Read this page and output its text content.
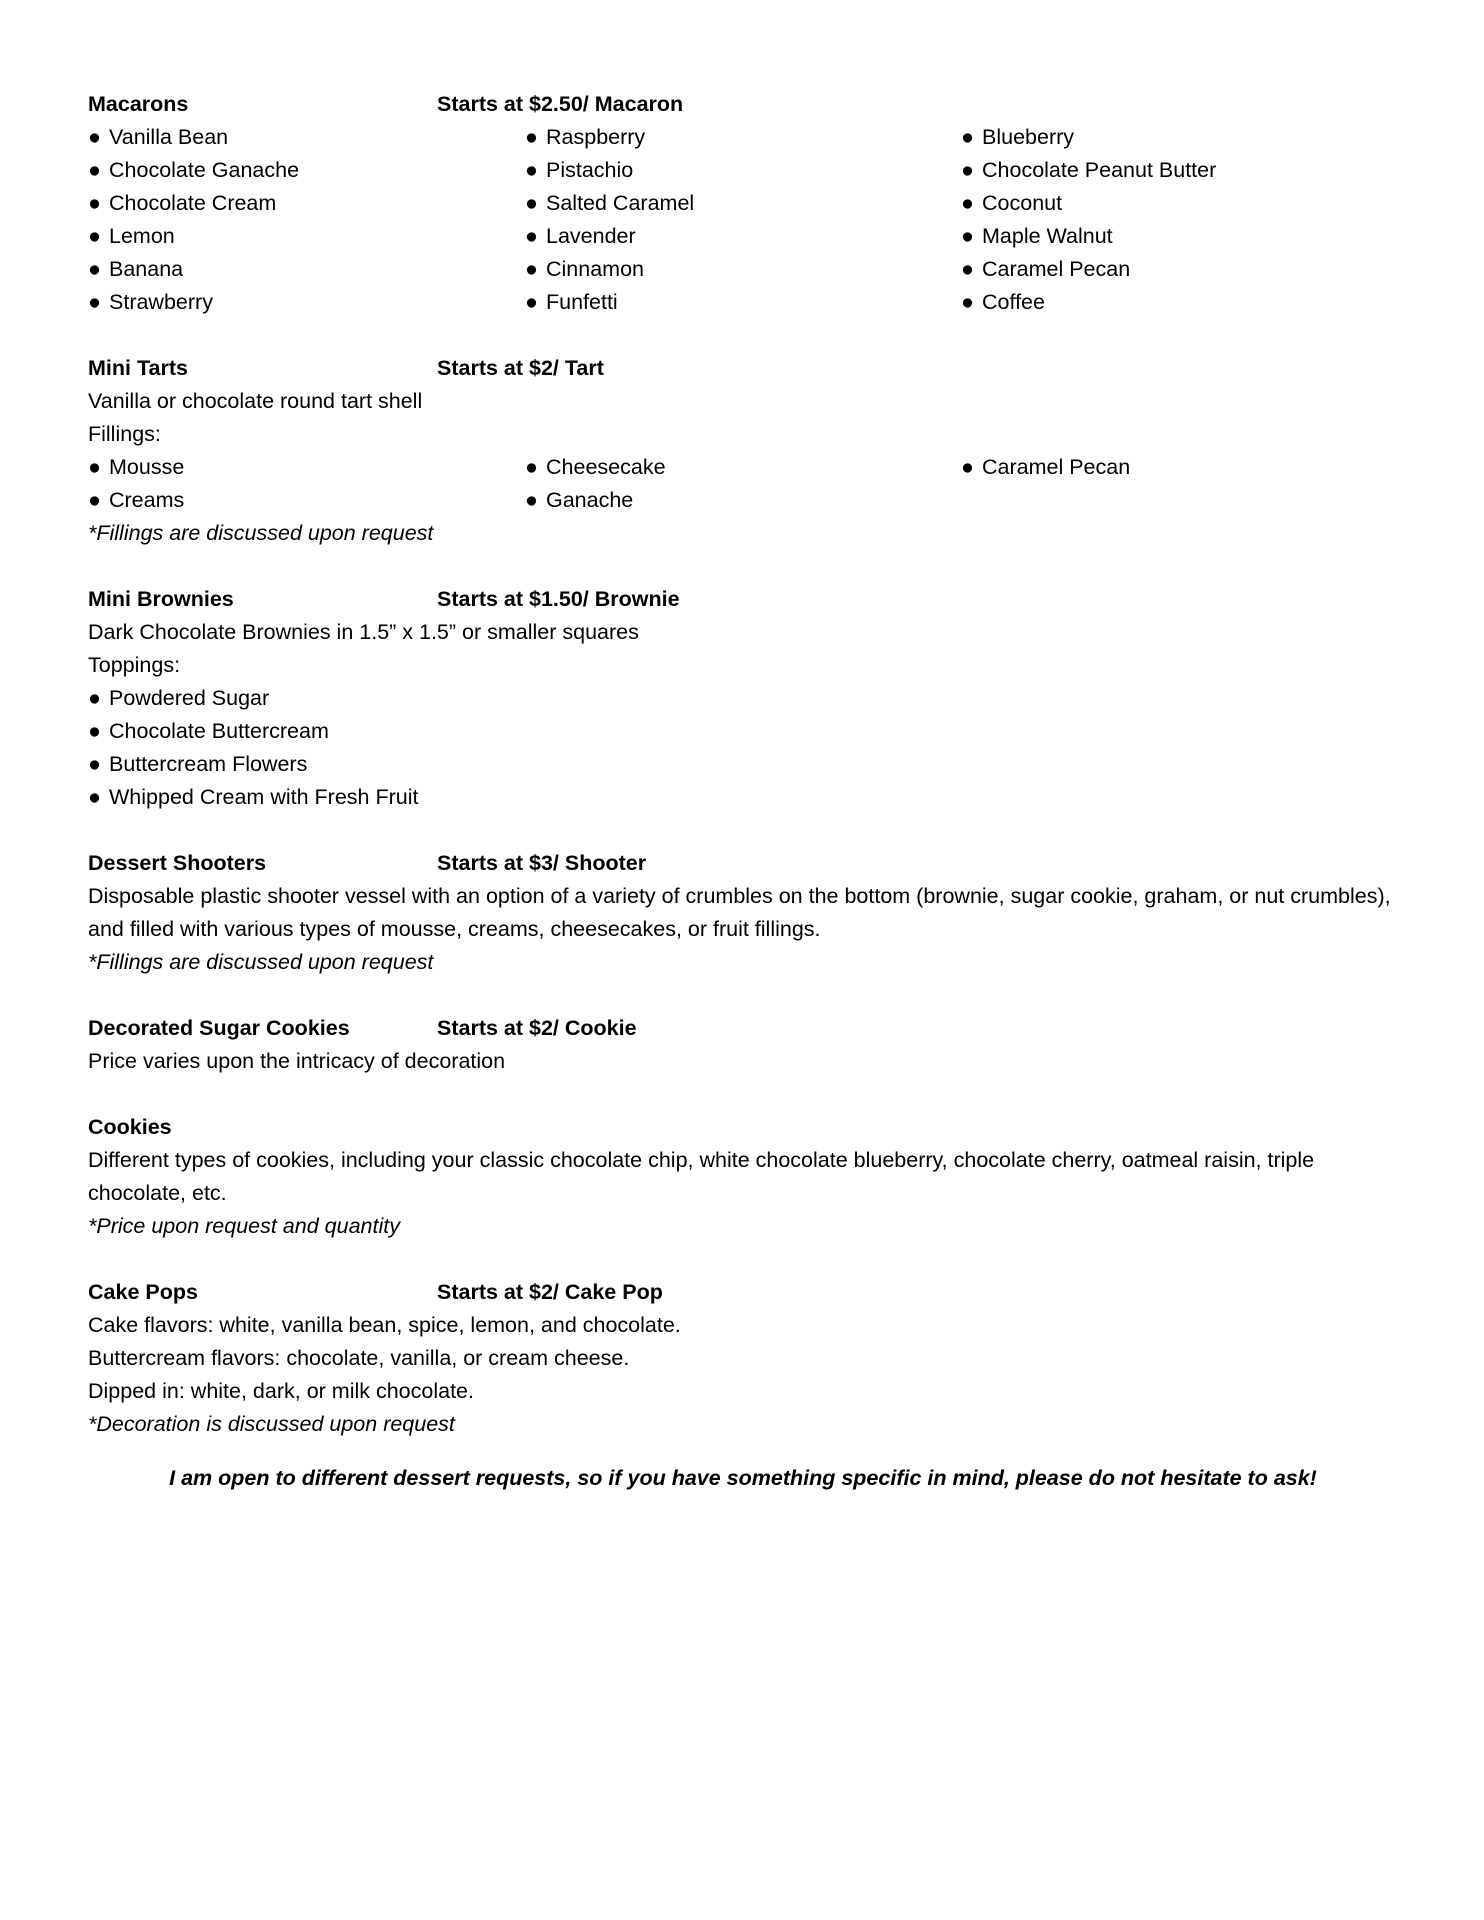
Macarons	Starts at $2.50/ Macaron
● Vanilla Bean
● Chocolate Ganache
● Chocolate Cream
● Lemon
● Banana
● Strawberry
● Raspberry
● Pistachio
● Salted Caramel
● Lavender
● Cinnamon
● Funfetti
● Blueberry
● Chocolate Peanut Butter
● Coconut
● Maple Walnut
● Caramel Pecan
● Coffee
Mini Tarts	Starts at $2/ Tart
Vanilla or chocolate round tart shell
Fillings:
● Mousse
● Creams
● Cheesecake
● Ganache
● Caramel Pecan
*Fillings are discussed upon request
Mini Brownies	Starts at $1.50/ Brownie
Dark Chocolate Brownies in 1.5” x 1.5” or smaller squares
Toppings:
● Powdered Sugar
● Chocolate Buttercream
● Buttercream Flowers
● Whipped Cream with Fresh Fruit
Dessert Shooters	Starts at $3/ Shooter
Disposable plastic shooter vessel with an option of a variety of crumbles on the bottom (brownie, sugar cookie, graham, or nut crumbles), and filled with various types of mousse, creams, cheesecakes, or fruit fillings.
*Fillings are discussed upon request
Decorated Sugar Cookies	Starts at $2/ Cookie
Price varies upon the intricacy of decoration
Cookies
Different types of cookies, including your classic chocolate chip, white chocolate blueberry, chocolate cherry, oatmeal raisin, triple chocolate, etc.
*Price upon request and quantity
Cake Pops	Starts at $2/ Cake Pop
Cake flavors: white, vanilla bean, spice, lemon, and chocolate.
Buttercream flavors: chocolate, vanilla, or cream cheese.
Dipped in: white, dark, or milk chocolate.
*Decoration is discussed upon request
I am open to different dessert requests, so if you have something specific in mind, please do not hesitate to ask!
